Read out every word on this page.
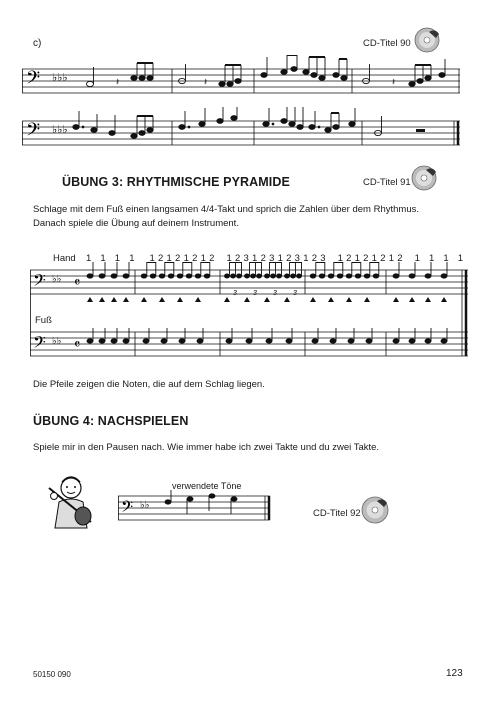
c)	CD-Titel 90
𝄢 ♭♭♭	𝄽	𝄽	𝄽
𝄢 ♭♭♭
ÜBUNG 3: RHYTHMISCHE PYRAMIDE	CD-Titel 91
Schlage mit dem Fuß einen langsamen 4/4-Takt und sprich die Zahlen über dem Rhythmus.
Danach spiele die Übung auf deinem Instrument.
Hand 1   1   1   1     1 2 1 2 1 2 1 2    1 2 3 1 2 3 1 2 3 1 2 3    1 2 1 2 1 2 1 2    1   1   1   1
𝄢 ♭♭ 𝄴
𝄢 ♭♭ 𝄴
3 3 3 3
Fuß
Die Pfeile zeigen die Noten, die auf dem Schlag liegen.
ÜBUNG 4: NACHSPIELEN
Spiele mir in den Pausen nach. Wie immer habe ich zwei Takte und du zwei Takte.
verwendete Töne
𝄢 ♭♭
CD-Titel 92
50150 090	123
